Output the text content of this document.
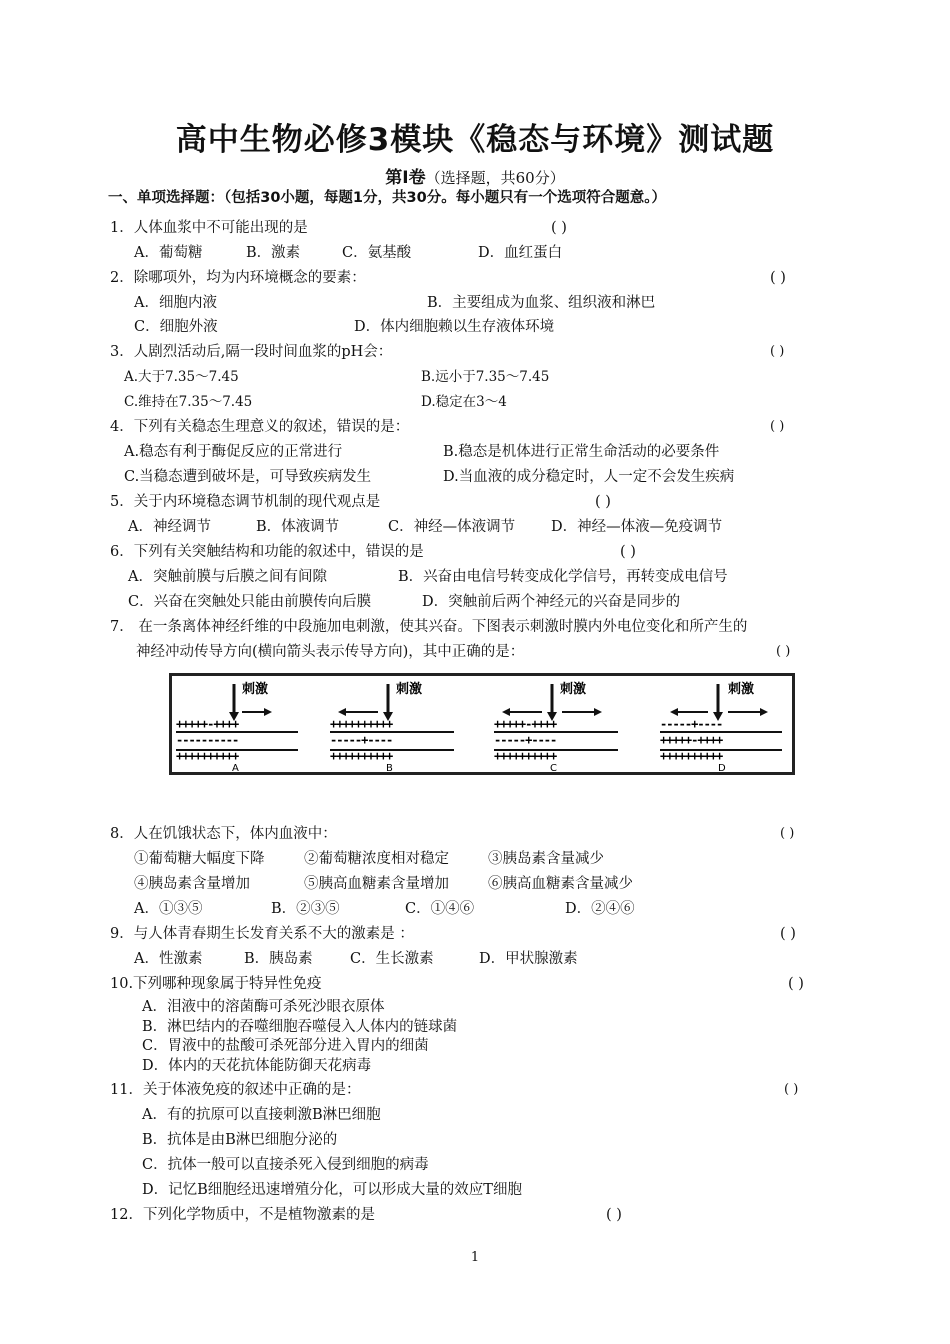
高中生物必修3模块《稳态与环境》测试题
第Ⅰ卷（选择题，共60分）
一、单项选择题：（包括30小题，每题1分，共30分。每小题只有一个选项符合题意。）
1．人体血浆中不可能出现的是	( )
A．葡萄糖	B．激素	C．氨基酸	D．血红蛋白
2．除哪项外，均为内环境概念的要素：	( )
A．细胞内液	B．主要组成为血浆、组织液和淋巴
C．细胞外液	D．体内细胞赖以生存液体环境
3．人剧烈活动后,隔一段时间血浆的pH会：	( )
A.大于7.35～7.45	B.远小于7.35～7.45
C.维持在7.35～7.45	D.稳定在3～4
4．下列有关稳态生理意义的叙述，错误的是：	( )
A.稳态有利于酶促反应的正常进行	B.稳态是机体进行正常生命活动的必要条件
C.当稳态遭到破坏是，可导致疾病发生	D.当血液的成分稳定时，人一定不会发生疾病
5．关于内环境稳态调节机制的现代观点是	( )
A．神经调节	B．体液调节	C．神经—体液调节 D．神经—体液—免疫调节
6．下列有关突触结构和功能的叙述中，错误的是	( )
A．突触前膜与后膜之间有间隙	B．兴奋由电信号转变成化学信号，再转变成电信号
C．兴奋在突触处只能由前膜传向后膜	D．突触前后两个神经元的兴奋是同步的
7． 在一条离体神经纤维的中段施加电刺激，使其兴奋。下图表示刺激时膜内外电位变化和所产生的
神经冲动传导方向(横向箭头表示传导方向)，其中正确的是：	( )
刺激
+++++-++++
----------
++++++++++
A
刺激
++++++++++
-----+----
++++++++++
B
刺激
+++++-++++
-----+----
++++++++++
C
刺激
-----+----
+++++-++++
++++++++++
D
8．人在饥饿状态下，体内血液中：	( )
①葡萄糖大幅度下降	②葡萄糖浓度相对稳定	③胰岛素含量减少
④胰岛素含量增加	⑤胰高血糖素含量增加	⑥胰高血糖素含量减少
A．①③⑤	B．②③⑤	C．①④⑥	D．②④⑥
9．与人体青春期生长发育关系不大的激素是 ：	( )
A．性激素	B．胰岛素	C．生长激素	D．甲状腺激素
10.下列哪种现象属于特异性免疫	( )
A．泪液中的溶菌酶可杀死沙眼衣原体
B．淋巴结内的吞噬细胞吞噬侵入人体内的链球菌
C．胃液中的盐酸可杀死部分进入胃内的细菌
D．体内的天花抗体能防御天花病毒
11．关于体液免疫的叙述中正确的是：	( )
A．有的抗原可以直接刺激B淋巴细胞
B．抗体是由B淋巴细胞分泌的
C．抗体一般可以直接杀死入侵到细胞的病毒
D．记忆B细胞经迅速增殖分化，可以形成大量的效应T细胞
12．下列化学物质中，不是植物激素的是	( )
1
